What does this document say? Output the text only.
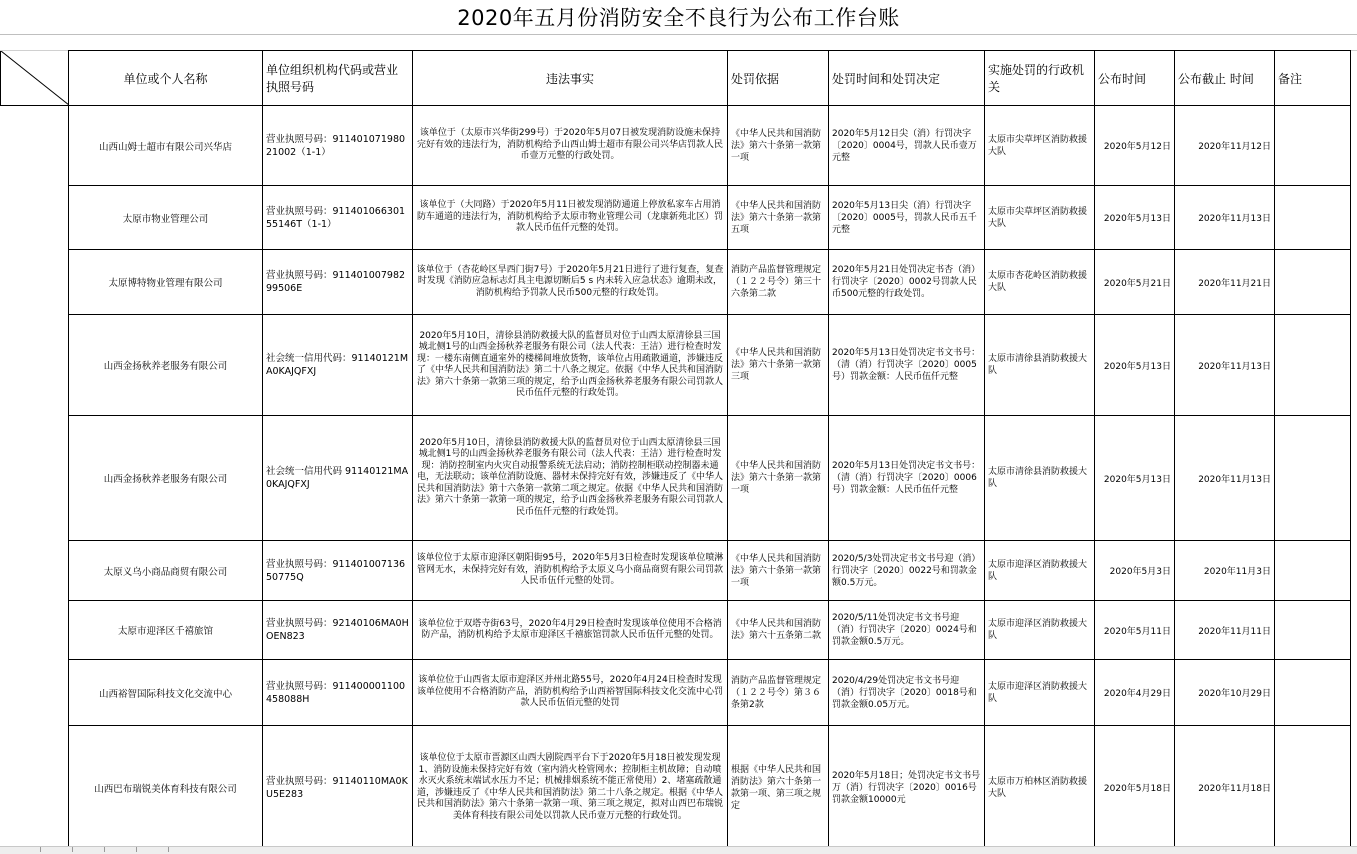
2020年五月份消防安全不良行为公布工作台账
	单位或个人名称	单位组织机构代码或营业执照号码	违法事实	处罚依据	处罚时间和处罚决定	实施处罚的行政机关	公布时间	公布截止 时间	备注
	山西山姆士超市有限公司兴华店	营业执照号码：91140107198021002（1-1）	该单位于（太原市兴华街299号）于2020年5月07日被发现消防设施未保持完好有效的违法行为，消防机构给予山西山姆士超市有限公司兴华店罚款人民币壹万元整的行政处罚。	《中华人民共和国消防法》第六十条第一款第一项	2020年5月12日尖（消）行罚决字〔2020〕0004号，罚款人民币壹万元整	太原市尖草坪区消防救援大队	2020年5月12日	2020年11月12日	
	太原市物业管理公司	营业执照号码：91140106630155146T（1-1）	该单位于（大同路）于2020年5月11日被发现消防通道上停放私家车占用消防车通道的违法行为，消防机构给予太原市物业管理公司（龙康新苑北区）罚款人民币伍仟元整的处罚。	《中华人民共和国消防法》第六十条第一款第五项	2020年5月13日尖（消）行罚决字〔2020〕0005号，罚款人民币五千元整	太原市尖草坪区消防救援大队	2020年5月13日	2020年11月13日	
	太原博特物业管理有限公司	营业执照号码：91140100798299506E	该单位于（杏花岭区旱西门街7号）于2020年5月21日进行了进行复查，复查时发现《消防应急标志灯具主电源切断后5 s 内未转入应急状态》逾期未改，消防机构给予罚款人民币500元整的行政处罚。	消防产品监督管理规定（１２２号令）第三十六条第二款	2020年5月21日处罚决定书杏（消）行罚决字〔2020〕0002号罚款人民币500元整的行政处罚。	太原市杏花岭区消防救援大队	2020年5月21日	2020年11月21日	
	山西金扬秋养老服务有限公司	社会统一信用代码：91140121MA0KAJQFXJ	2020年5月10日，清徐县消防救援大队的监督员对位于山西太原清徐县三国城北侧1号的山西金扬秋养老服务有限公司（法人代表：王洁）进行检查时发现：一楼东南侧直通室外的楼梯间堆放货物，该单位占用疏散通道，涉嫌违反了《中华人民共和国消防法》第二十八条之规定。依据《中华人民共和国消防法》第六十条第一款第三项的规定，给予山西金扬秋养老服务有限公司罚款人民币伍仟元整的行政处罚。	《中华人民共和国消防法》第六十条第一款第三项	2020年5月13日处罚决定书文书号：（清（消）行罚决字〔2020〕0005号）罚款金额：人民币伍仟元整	太原市清徐县消防救援大队	2020年5月13日	2020年11月13日	
	山西金扬秋养老服务有限公司	社会统一信用代码 91140121MA0KAJQFXJ	2020年5月10日，清徐县消防救援大队的监督员对位于山西太原清徐县三国城北侧1号的山西金扬秋养老服务有限公司（法人代表：王洁）进行检查时发现：消防控制室内火灾自动报警系统无法启动；消防控制柜联动控制器未通电，无法联动；该单位消防设施、器材未保持完好有效，涉嫌违反了《中华人民共和国消防法》第十六条第一款第二项之规定。依据《中华人民共和国消防法》第六十条第一款第一项的规定，给予山西金扬秋养老服务有限公司罚款人民币伍仟元整的行政处罚。	《中华人民共和国消防法》第六十条第一款第一项	2020年5月13日处罚决定书文书号：（清（消）行罚决字〔2020〕0006号）罚款金额：人民币伍仟元整	太原市清徐县消防救援大队	2020年5月13日	2020年11月13日	
	太原义乌小商品商贸有限公司	营业执照号码：91140100713650775Q	该单位位于太原市迎泽区朝阳街95号，2020年5月3日检查时发现该单位喷淋管网无水，未保持完好有效，消防机构给予太原义乌小商品商贸有限公司罚款人民币伍仟元整的处罚。	《中华人民共和国消防法》第六十条第一款第一项	2020/5/3处罚决定书文书号迎（消）行罚决字〔2020〕0022号和罚款金额0.5万元。	太原市迎泽区消防救援大队	2020年5月3日	2020年11月3日	
	太原市迎泽区千禧旅馆	营业执照号码：92140106MA0HOEN823	该单位位于双塔寺街63号，2020年4月29日检查时发现该单位使用不合格消防产品，消防机构给予太原市迎泽区千禧旅馆罚款人民币伍仟元整的处罚。	《中华人民共和国消防法》第六十五条第二款	2020/5/11处罚决定书文书号迎（消）行罚决字〔2020〕0024号和罚款金额0.5万元。	太原市迎泽区消防救援大队	2020年5月11日	2020年11月11日	
	山西裕智国际科技文化交流中心	营业执照号码：911400001100458088H	该单位位于山西省太原市迎泽区并州北路55号，2020年4月24日检查时发现该单位使用不合格消防产品，消防机构给予山西裕智国际科技文化交流中心罚款人民币伍佰元整的处罚	消防产品监督管理规定（１２２号令）第３６条第2款	2020/4/29处罚决定书文书号迎（消）行罚决字〔2020〕0018号和罚款金额0.05万元。	太原市迎泽区消防救援大队	2020年4月29日	2020年10月29日	
	山西巴布瑞锐美体育科技有限公司	营业执照号码：91140110MA0KU5E283	该单位位于太原市晋源区山西大剧院西平台下于2020年5月18日被发现发现1、消防设施未保持完好有效（室内消火栓管网水；控制柜主机故障；自动喷水灭火系统末端试水压力不足；机械排烟系统不能正常使用）2、堵塞疏散通道，涉嫌违反了《中华人民共和国消防法》第二十八条之规定。根据《中华人民共和国消防法》第六十条第一款第一项、第三项之规定，拟对山西巴布瑞锐美体育科技有限公司处以罚款人民币壹万元整的行政处罚。	根据《中华人民共和国消防法》第六十条第一款第一项、第三项之规定	2020年5月18日；处罚决定书文书号万（消）行罚决字〔2020〕0016号罚款金额10000元	太原市万柏林区消防救援大队	2020年5月18日	2020年11月18日	
